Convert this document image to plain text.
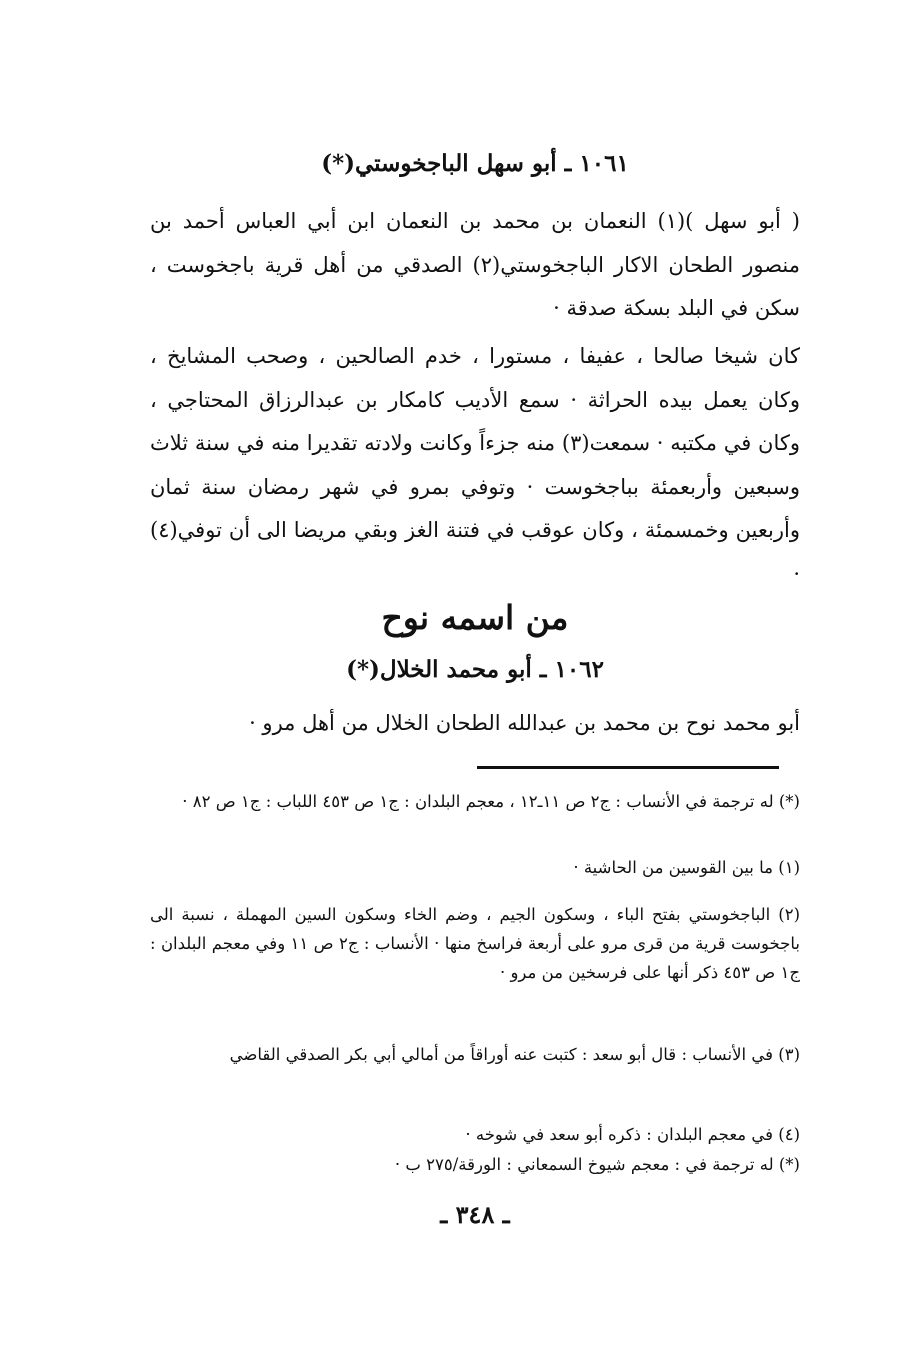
١٠٦١ ـ أبو سهل الباجخوستي(*)

( أبو سهل )(١) النعمان بن محمد بن النعمان ابن أبي العباس أحمد بن منصور الطحان الاكار الباجخوستي(٢) الصدقي من أهل قرية باجخوست ، سكن في البلد بسكة صدقة ·

كان شيخا صالحا ، عفيفا ، مستورا ، خدم الصالحين ، وصحب المشايخ ، وكان يعمل بيده الحراثة · سمع الأديب كامكار بن عبدالرزاق المحتاجي ، وكان في مكتبه · سمعت(٣) منه جزءاً وكانت ولادته تقديرا منه في سنة ثلاث وسبعين وأربعمئة بباجخوست · وتوفي بمرو في شهر رمضان سنة ثمان وأربعين وخمسمئة ، وكان عوقب في فتنة الغز وبقي مريضا الى أن توفي(٤) ·

من اسمه نوح

١٠٦٢ ـ أبو محمد الخلال(*)

أبو محمد نوح بن محمد بن عبدالله الطحان الخلال من أهل مرو ·

(*) له ترجمة في الأنساب : ج٢ ص ١١ـ١٢ ، معجم البلدان : ج١ ص ٤٥٣ اللباب : ج١ ص ٨٢ ·

(١) ما بين القوسين من الحاشية ·

(٢) الباجخوستي بفتح الباء ، وسكون الجيم ، وضم الخاء وسكون السين المهملة ، نسبة الى باجخوست قرية من قرى مرو على أربعة فراسخ منها · الأنساب : ج٢ ص ١١ وفي معجم البلدان : ج١ ص ٤٥٣ ذكر أنها على فرسخين من مرو ·

(٣) في الأنساب : قال أبو سعد : كتبت عنه أوراقاً من أمالي أبي بكر الصدقي القاضي

(٤) في معجم البلدان : ذكره أبو سعد في شوخه ·

(*) له ترجمة في : معجم شيوخ السمعاني : الورقة/٢٧٥ ب ·

ـ ٣٤٨ ـ
